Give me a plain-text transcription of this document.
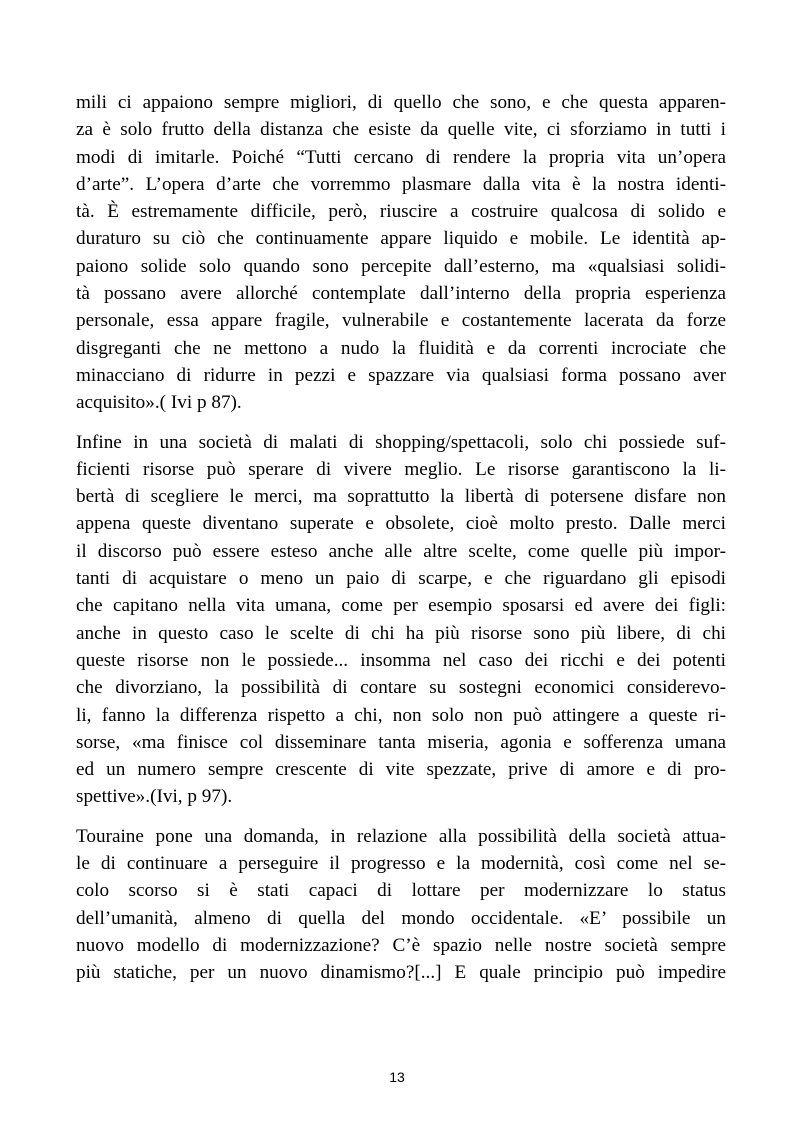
mili ci appaiono sempre migliori, di quello che sono, e che questa apparen-
za è solo frutto della distanza che esiste da quelle vite, ci sforziamo in tutti i
modi di imitarle. Poiché “Tutti cercano di rendere la propria vita un’opera
d’arte”. L’opera d’arte che vorremmo plasmare dalla vita è la nostra identi-
tà. È estremamente difficile, però, riuscire a costruire qualcosa di solido e
duraturo su ciò che continuamente appare liquido e mobile. Le identità ap-
paiono solide solo quando sono percepite dall’esterno, ma «qualsiasi solidi-
tà possano avere allorché contemplate dall’interno della propria esperienza
personale, essa appare fragile, vulnerabile e costantemente lacerata da forze
disgreganti che ne mettono a nudo la fluidità e da correnti incrociate che
minacciano di ridurre in pezzi e spazzare via qualsiasi forma possano aver
acquisito».( Ivi p 87).
Infine in una società di malati di shopping/spettacoli, solo chi possiede suf-
ficienti risorse può sperare di vivere meglio. Le risorse garantiscono la li-
bertà di scegliere le merci, ma soprattutto la libertà di potersene disfare non
appena queste diventano superate e obsolete, cioè molto presto. Dalle merci
il discorso può essere esteso anche alle altre scelte, come quelle più impor-
tanti di acquistare o meno un paio di scarpe, e che riguardano gli episodi
che capitano nella vita umana, come per esempio sposarsi ed avere dei figli:
anche in questo caso le scelte di chi ha più risorse sono più libere, di chi
queste risorse non le possiede... insomma nel caso dei ricchi e dei potenti
che divorziano, la possibilità di contare su sostegni economici considerevo-
li, fanno la differenza rispetto a chi, non solo non può attingere a queste ri-
sorse, «ma finisce col disseminare tanta miseria, agonia e sofferenza umana
ed un numero sempre crescente di vite spezzate, prive di amore e di pro-
spettive».(Ivi, p 97).
Touraine pone una domanda, in relazione alla possibilità della società attua-
le di continuare a perseguire il progresso e la modernità, così come nel se-
colo scorso si è stati capaci di lottare per modernizzare lo status
dell’umanità, almeno di quella del mondo occidentale. «E’ possibile un
nuovo modello di modernizzazione? C’è spazio nelle nostre società sempre
più statiche, per un nuovo dinamismo?[...] E quale principio può impedire
13
